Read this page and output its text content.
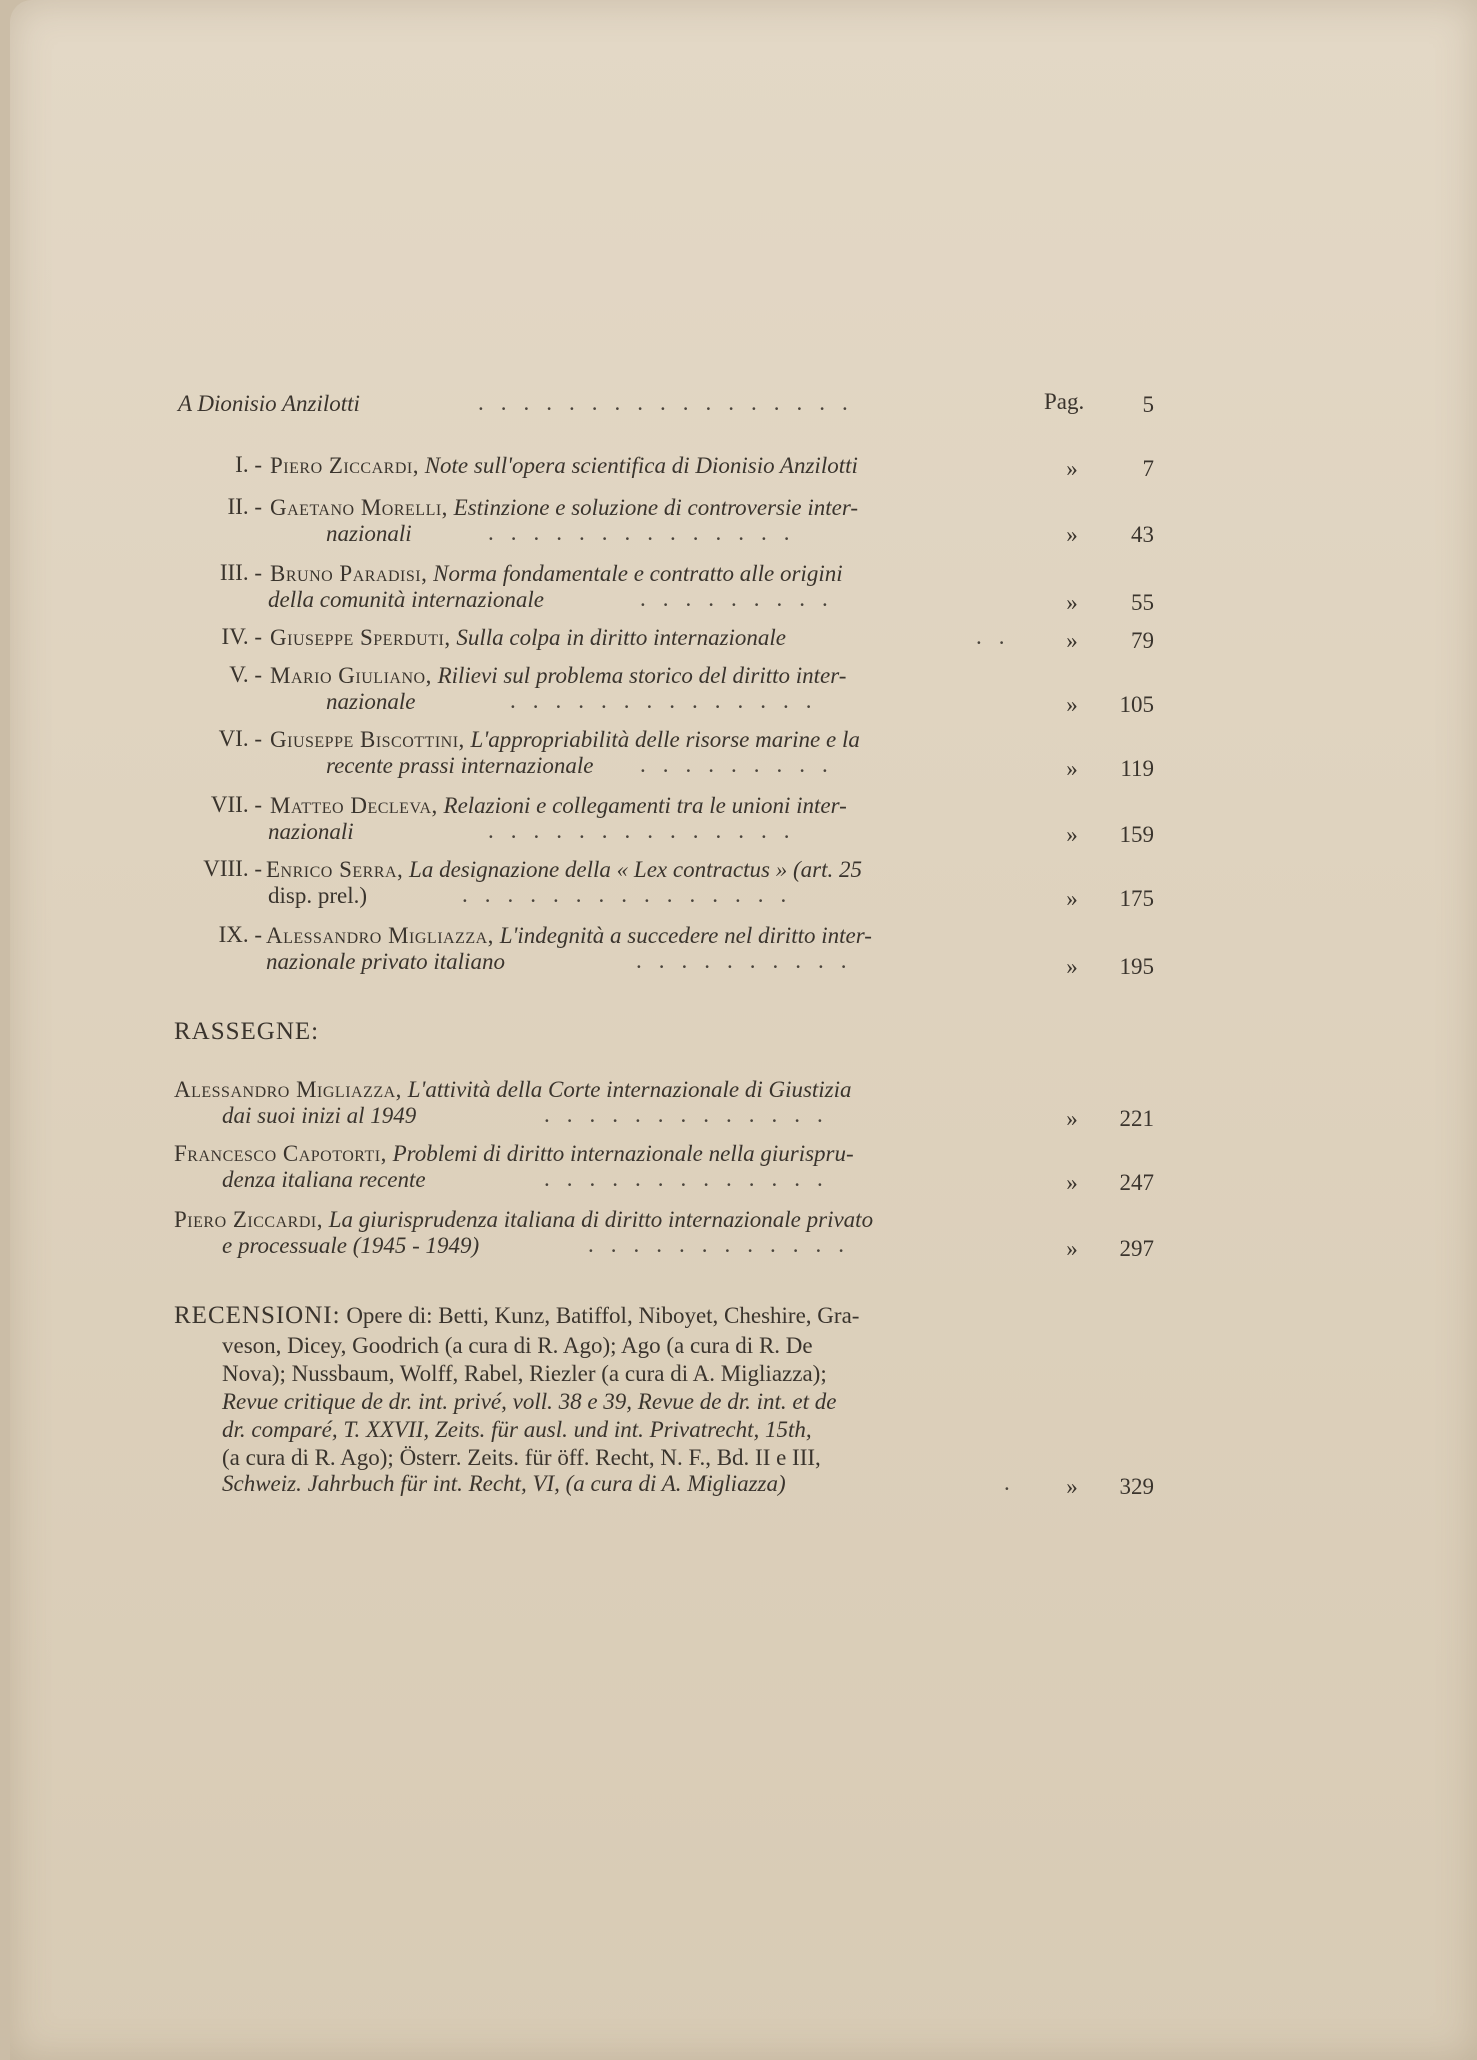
A Dionisio Anzilotti	.................	Pag.	5
I. - Piero Ziccardi, Note sull'opera scientifica di Dionisio Anzilotti	»	7
II. - Gaetano Morelli, Estinzione e soluzione di controversie inter-
nazionali	..............	»	43
III. - Bruno Paradisi, Norma fondamentale e contratto alle origini
della comunità internazionale	.........	»	55
IV. - Giuseppe Sperduti, Sulla colpa in diritto internazionale	..	»	79
V. - Mario Giuliano, Rilievi sul problema storico del diritto inter-
nazionale	..............	»	105
VI. - Giuseppe Biscottini, L'appropriabilità delle risorse marine e la
recente prassi internazionale .........	»	119
VII. - Matteo Decleva, Relazioni e collegamenti tra le unioni inter-
nazionali	..............	»	159
VIII. - Enrico Serra, La designazione della « Lex contractus » (art. 25
disp. prel.)	...............	»	175
IX. - Alessandro Migliazza, L'indegnità a succedere nel diritto inter-
nazionale privato italiano	..........	»	195
RASSEGNE:
Alessandro Migliazza, L'attività della Corte internazionale di Giustizia
dai suoi inizi al 1949	.............	»	221
Francesco Capotorti, Problemi di diritto internazionale nella giurispru-
denza italiana recente	.............	»	247
Piero Ziccardi, La giurisprudenza italiana di diritto internazionale privato
e processuale (1945 - 1949)	............	»	297
RECENSIONI: Opere di: Betti, Kunz, Batiffol, Niboyet, Cheshire, Gra-
veson, Dicey, Goodrich (a cura di R. Ago); Ago (a cura di R. De
Nova); Nussbaum, Wolff, Rabel, Riezler (a cura di A. Migliazza);
Revue critique de dr. int. privé, voll. 38 e 39, Revue de dr. int. et de
dr. comparé, T. XXVII, Zeits. für ausl. und int. Privatrecht, 15th,
(a cura di R. Ago); Österr. Zeits. für öff. Recht, N. F., Bd. II e III,
Schweiz. Jahrbuch für int. Recht, VI, (a cura di A. Migliazza)	.	»	329
